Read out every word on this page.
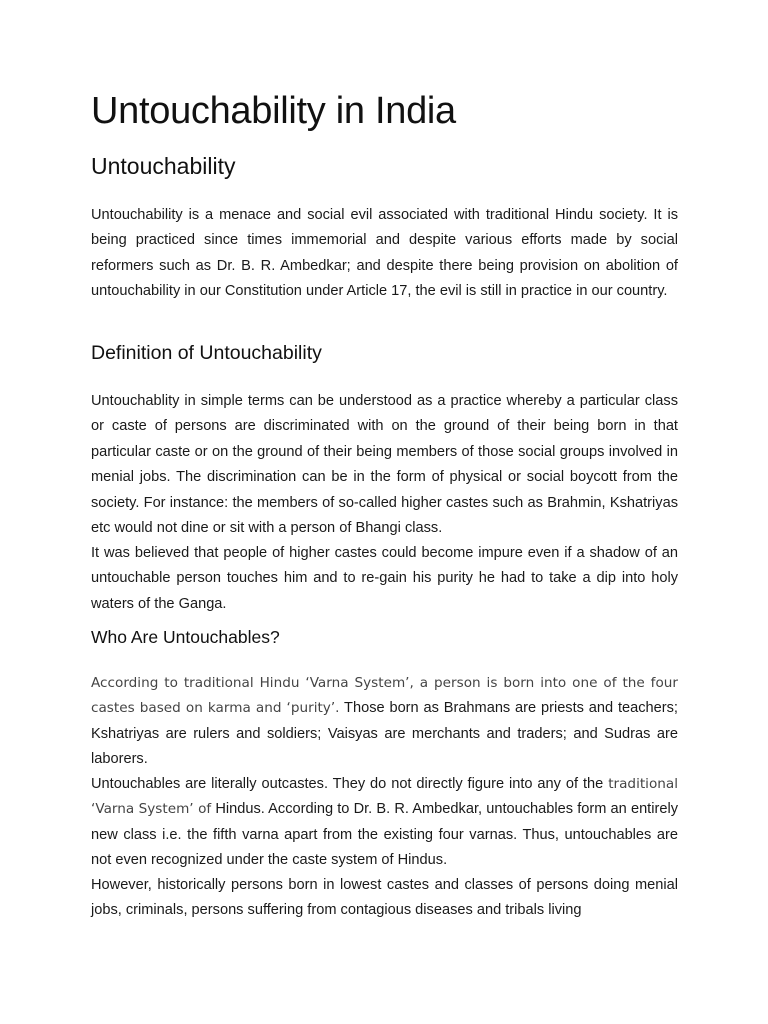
Untouchability in India
Untouchability

Untouchability is a menace and social evil associated with traditional Hindu society. It is being practiced since times immemorial and despite various efforts made by social reformers such as Dr. B. R. Ambedkar; and despite there being provision on abolition of untouchability in our Constitution under Article 17, the evil is still in practice in our country.

Definition of Untouchability

Untouchablity in simple terms can be understood as a practice whereby a particular class or caste of persons are discriminated with on the ground of their being born in that particular caste or on the ground of their being members of those social groups involved in menial jobs. The discrimination can be in the form of physical or social boycott from the society. For instance: the members of so-called higher castes such as Brahmin, Kshatriyas etc would not dine or sit with a person of Bhangi class.

It was believed that people of higher castes could become impure even if a shadow of an untouchable person touches him and to re-gain his purity he had to take a dip into holy waters of the Ganga.

Who Are Untouchables?

According to traditional Hindu ‘Varna System’, a person is born into one of the four castes based on karma and ‘purity’. Those born as Brahmans are priests and teachers; Kshatriyas are rulers and soldiers; Vaisyas are merchants and traders; and Sudras are laborers.

Untouchables are literally outcastes. They do not directly figure into any of the traditional ‘Varna System’ of Hindus. According to Dr. B. R. Ambedkar, untouchables form an entirely new class i.e. the fifth varna apart from the existing four varnas. Thus, untouchables are not even recognized under the caste system of Hindus.

However, historically persons born in lowest castes and classes of persons doing menial jobs, criminals, persons suffering from contagious diseases and tribals living
